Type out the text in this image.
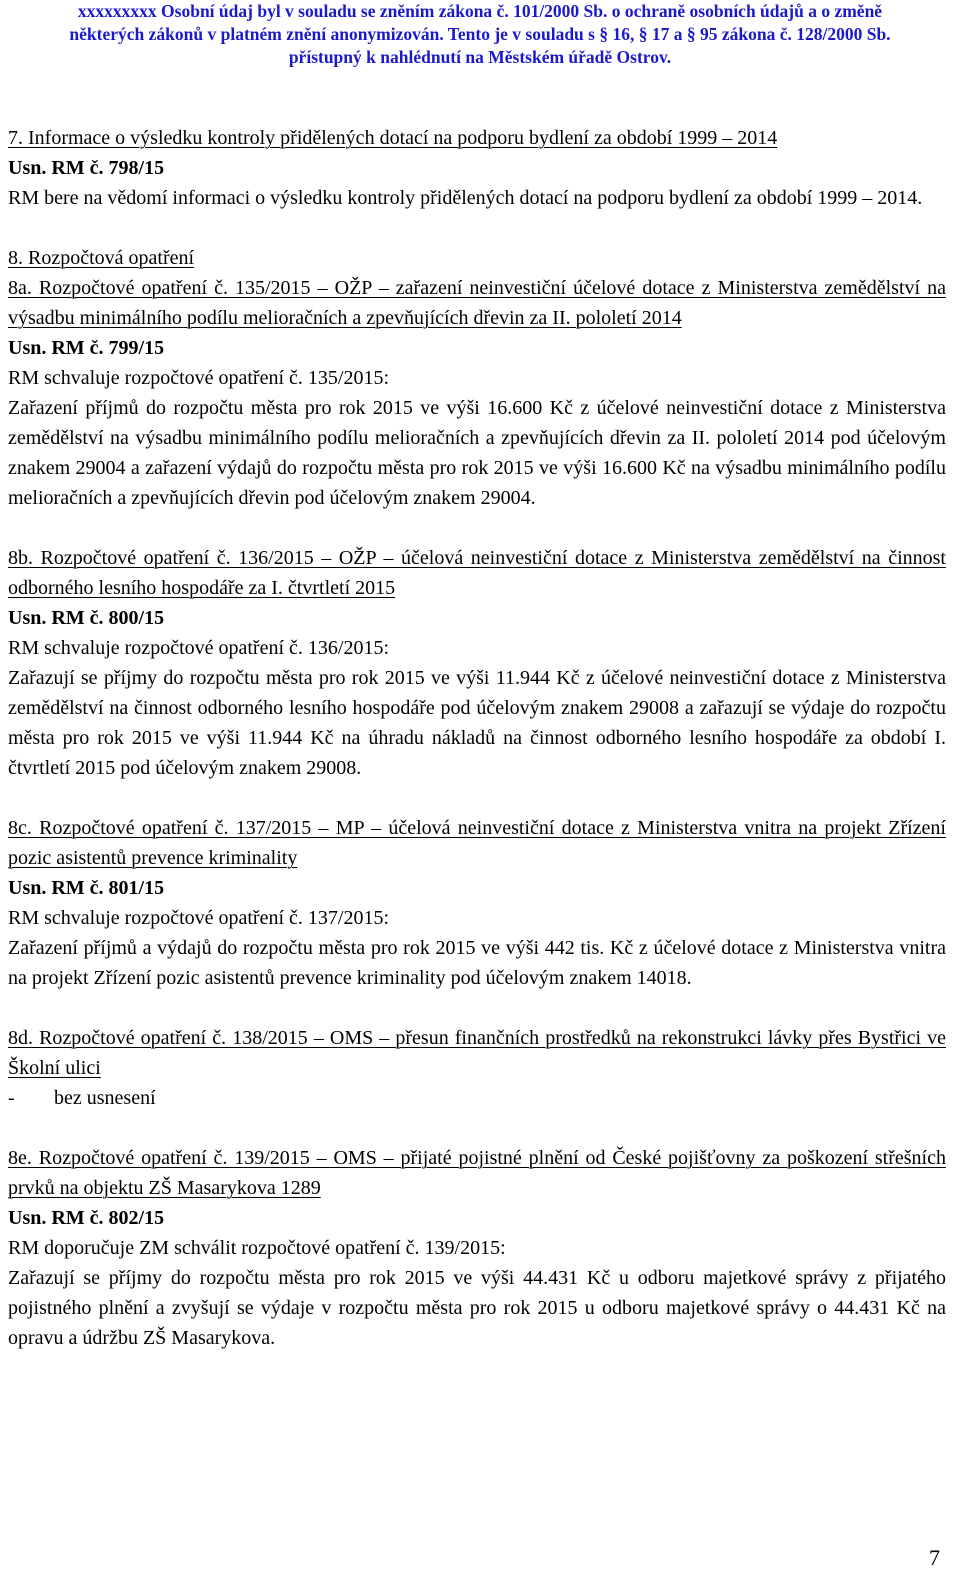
xxxxxxxxx Osobní údaj byl v souladu se zněním zákona č. 101/2000 Sb. o ochraně osobních údajů a o změně
některých zákonů v platném znění anonymizován. Tento je v souladu s § 16, § 17 a § 95 zákona č. 128/2000 Sb.
přístupný k nahlédnutí na Městském úřadě Ostrov.

7. Informace o výsledku kontroly přidělených dotací na podporu bydlení za období 1999 – 2014

Usn. RM č. 798/15

RM bere na vědomí informaci o výsledku kontroly přidělených dotací na podporu bydlení za období 1999 – 2014.

8. Rozpočtová opatření

8a. Rozpočtové opatření č. 135/2015 – OŽP – zařazení neinvestiční účelové dotace z Ministerstva zemědělství na výsadbu minimálního podílu melioračních a zpevňujících dřevin za II. pololetí 2014

Usn. RM č. 799/15

RM schvaluje rozpočtové opatření č. 135/2015:

Zařazení příjmů do rozpočtu města pro rok 2015 ve výši 16.600 Kč z účelové neinvestiční dotace z Ministerstva zemědělství na výsadbu minimálního podílu melioračních a zpevňujících dřevin za II. pololetí 2014 pod účelovým znakem 29004 a zařazení výdajů do rozpočtu města pro rok 2015 ve výši 16.600 Kč na výsadbu minimálního podílu melioračních a zpevňujících dřevin pod účelovým znakem 29004.

8b. Rozpočtové opatření č. 136/2015 – OŽP – účelová neinvestiční dotace z Ministerstva zemědělství na činnost odborného lesního hospodáře za I. čtvrtletí 2015

Usn. RM č. 800/15

RM schvaluje rozpočtové opatření č. 136/2015:

Zařazují se příjmy do rozpočtu města pro rok 2015 ve výši 11.944 Kč z účelové neinvestiční dotace z Ministerstva zemědělství na činnost odborného lesního hospodáře pod účelovým znakem 29008 a zařazují se výdaje do rozpočtu města pro rok 2015 ve výši 11.944 Kč na úhradu nákladů na činnost odborného lesního hospodáře za období I. čtvrtletí 2015 pod účelovým znakem 29008.

8c. Rozpočtové opatření č. 137/2015 – MP – účelová neinvestiční dotace z Ministerstva vnitra na projekt Zřízení pozic asistentů prevence kriminality

Usn. RM č. 801/15

RM schvaluje rozpočtové opatření č. 137/2015:

Zařazení příjmů a výdajů do rozpočtu města pro rok 2015 ve výši 442 tis. Kč z účelové dotace z Ministerstva vnitra na projekt Zřízení pozic asistentů prevence kriminality pod účelovým znakem 14018.

8d. Rozpočtové opatření č. 138/2015 – OMS – přesun finančních prostředků na rekonstrukci lávky přes Bystřici ve Školní ulici

-	bez usnesení

8e. Rozpočtové opatření č. 139/2015 – OMS – přijaté pojistné plnění od České pojišťovny za poškození střešních prvků na objektu ZŠ Masarykova 1289

Usn. RM č. 802/15

RM doporučuje ZM schválit rozpočtové opatření č. 139/2015:

Zařazují se příjmy do rozpočtu města pro rok 2015 ve výši 44.431 Kč u odboru majetkové správy z přijatého pojistného plnění a zvyšují se výdaje v rozpočtu města pro rok 2015 u odboru majetkové správy o 44.431 Kč na opravu a údržbu ZŠ Masarykova.

7
